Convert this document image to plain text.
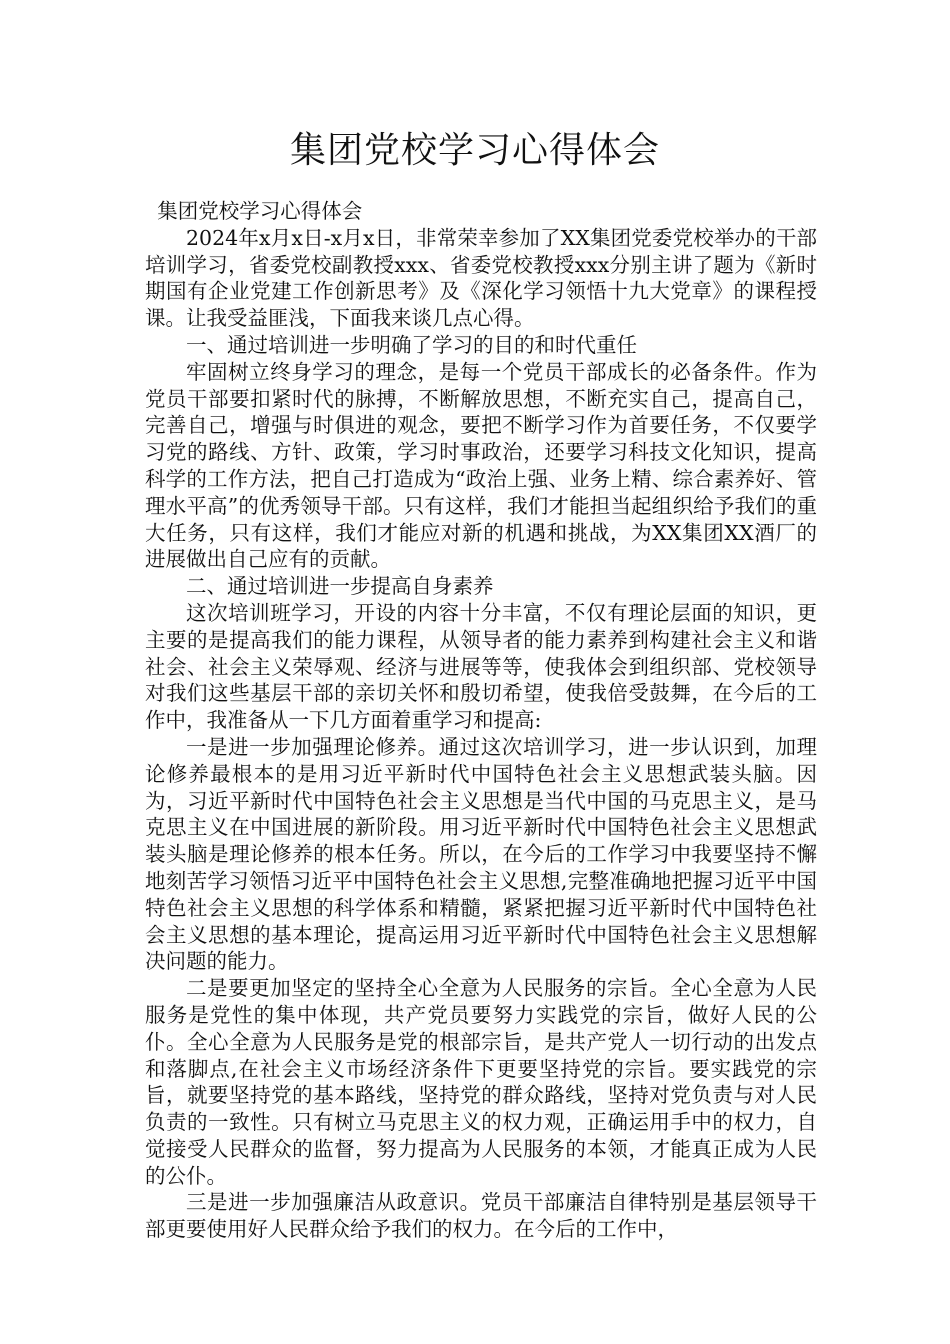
集团党校学习心得体会

集团党校学习心得体会

2024年x月x日-x月x日，非常荣幸参加了XX集团党委党校举办的干部培训学习，省委党校副教授xxx、省委党校教授xxx分别主讲了题为《新时期国有企业党建工作创新思考》及《深化学习领悟十九大党章》的课程授课。让我受益匪浅，下面我来谈几点心得。

一、通过培训进一步明确了学习的目的和时代重任

牢固树立终身学习的理念，是每一个党员干部成长的必备条件。作为党员干部要扣紧时代的脉搏，不断解放思想，不断充实自己，提高自己，完善自己，增强与时俱进的观念，要把不断学习作为首要任务，不仅要学习党的路线、方针、政策，学习时事政治，还要学习科技文化知识，提高科学的工作方法，把自己打造成为“政治上强、业务上精、综合素养好、管理水平高”的优秀领导干部。只有这样，我们才能担当起组织给予我们的重大任务，只有这样，我们才能应对新的机遇和挑战，为XX集团XX酒厂的进展做出自己应有的贡献。

二、通过培训进一步提高自身素养

这次培训班学习，开设的内容十分丰富，不仅有理论层面的知识，更主要的是提高我们的能力课程，从领导者的能力素养到构建社会主义和谐社会、社会主义荣辱观、经济与进展等等，使我体会到组织部、党校领导对我们这些基层干部的亲切关怀和殷切希望，使我倍受鼓舞，在今后的工作中，我准备从一下几方面着重学习和提高:

一是进一步加强理论修养。通过这次培训学习，进一步认识到，加理论修养最根本的是用习近平新时代中国特色社会主义思想武装头脑。因为，习近平新时代中国特色社会主义思想是当代中国的马克思主义，是马克思主义在中国进展的新阶段。用习近平新时代中国特色社会主义思想武装头脑是理论修养的根本任务。所以，在今后的工作学习中我要坚持不懈地刻苦学习领悟习近平中国特色社会主义思想,完整准确地把握习近平中国特色社会主义思想的科学体系和精髓，紧紧把握习近平新时代中国特色社会主义思想的基本理论，提高运用习近平新时代中国特色社会主义思想解决问题的能力。

二是要更加坚定的坚持全心全意为人民服务的宗旨。全心全意为人民服务是党性的集中体现，共产党员要努力实践党的宗旨，做好人民的公仆。全心全意为人民服务是党的根部宗旨，是共产党人一切行动的出发点和落脚点,在社会主义市场经济条件下更要坚持党的宗旨。要实践党的宗旨，就要坚持党的基本路线，坚持党的群众路线，坚持对党负责与对人民负责的一致性。只有树立马克思主义的权力观，正确运用手中的权力，自觉接受人民群众的监督，努力提高为人民服务的本领，才能真正成为人民的公仆。

三是进一步加强廉洁从政意识。党员干部廉洁自律特别是基层领导干部更要使用好人民群众给予我们的权力。在今后的工作中，
